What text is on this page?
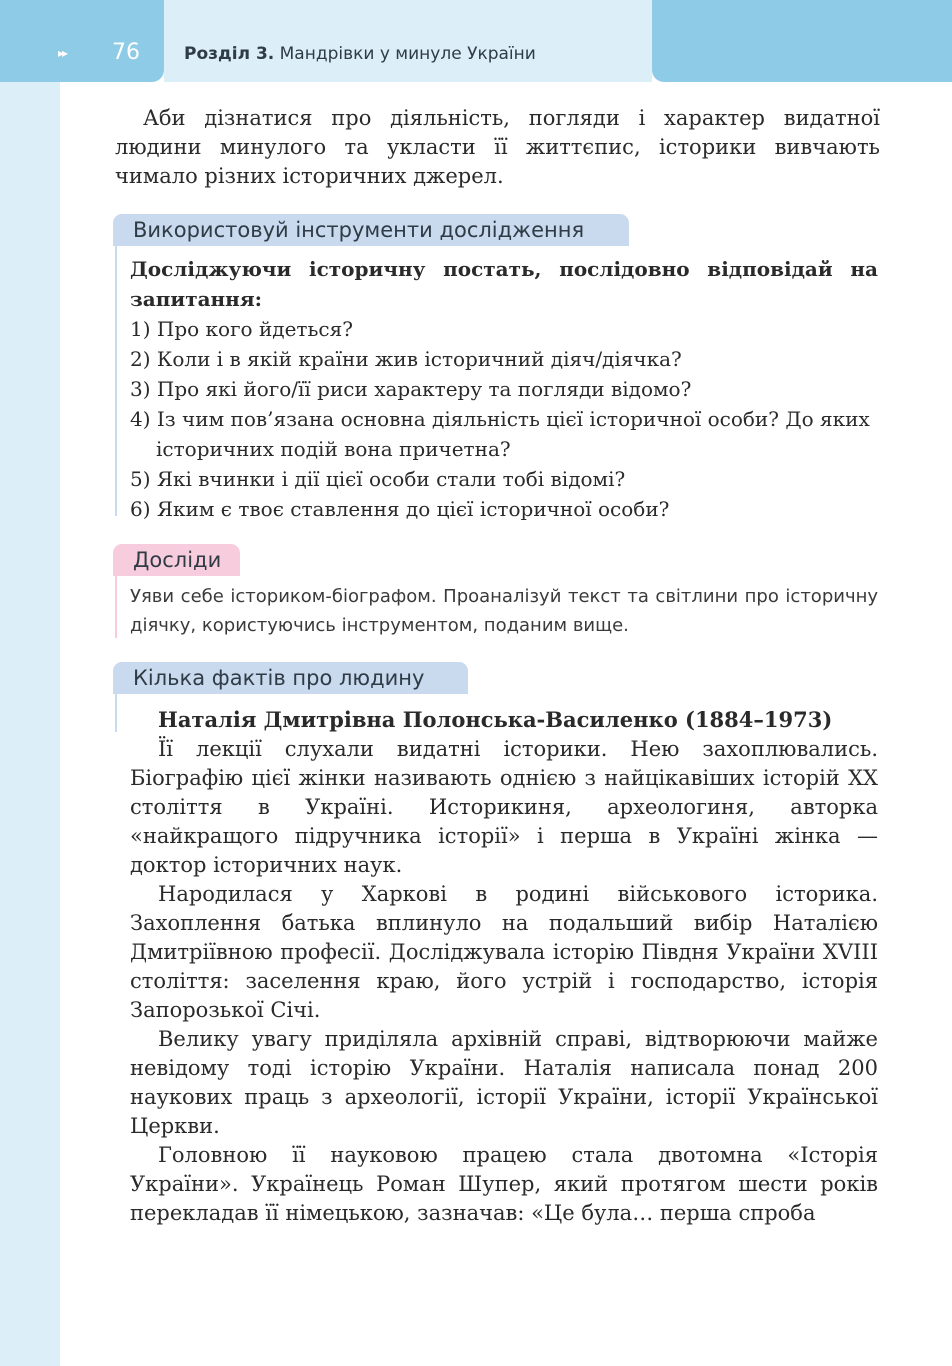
▸▸ 76	Розділ 3. Мандрівки у минуле України
Аби дізнатися про діяльність, погляди і характер видатної людини минулого та укласти її життєпис, історики вивчають чимало різних історичних джерел.
Використовуй інструменти дослідження
Досліджуючи історичну постать, послідовно відповідай на запитання:
1) Про кого йдеться?
2) Коли і в якій країни жив історичний діяч/діячка?
3) Про які його/її риси характеру та погляди відомо?
4) Із чим пов’язана основна діяльність цієї історичної особи? До яких історичних подій вона причетна?
5) Які вчинки і дії цієї особи стали тобі відомі?
6) Яким є твоє ставлення до цієї історичної особи?
Досліди
Уяви себе істориком-біографом. Проаналізуй текст та світлини про історичну діячку, користуючись інструментом, поданим вище.
Кілька фактів про людину
Наталія Дмитрівна Полонська-Василенко (1884–1973)

Її лекції слухали видатні історики. Нею захоплювались. Біографію цієї жінки називають однією з найцікавіших історій XX століття в Україні. Историкиня, археологиня, авторка «найкращого підручника історії» і перша в Україні жінка — доктор історичних наук.

Народилася у Харкові в родині військового історика. Захоплення батька вплинуло на подальший вибір Наталією Дмитріївною професії. Досліджувала історію Півдня України XVIII століття: заселення краю, його устрій і господарство, історія Запорозької Січі.

Велику увагу приділяла архівній справі, відтворюючи майже невідому тоді історію України. Наталія написала понад 200 наукових праць з археології, історії України, історії Української Церкви.

Головною її науковою працею стала двотомна «Історія України». Українець Роман Шупер, який протягом шести років перекладав її німецькою, зазначав: «Це була… перша спроба
